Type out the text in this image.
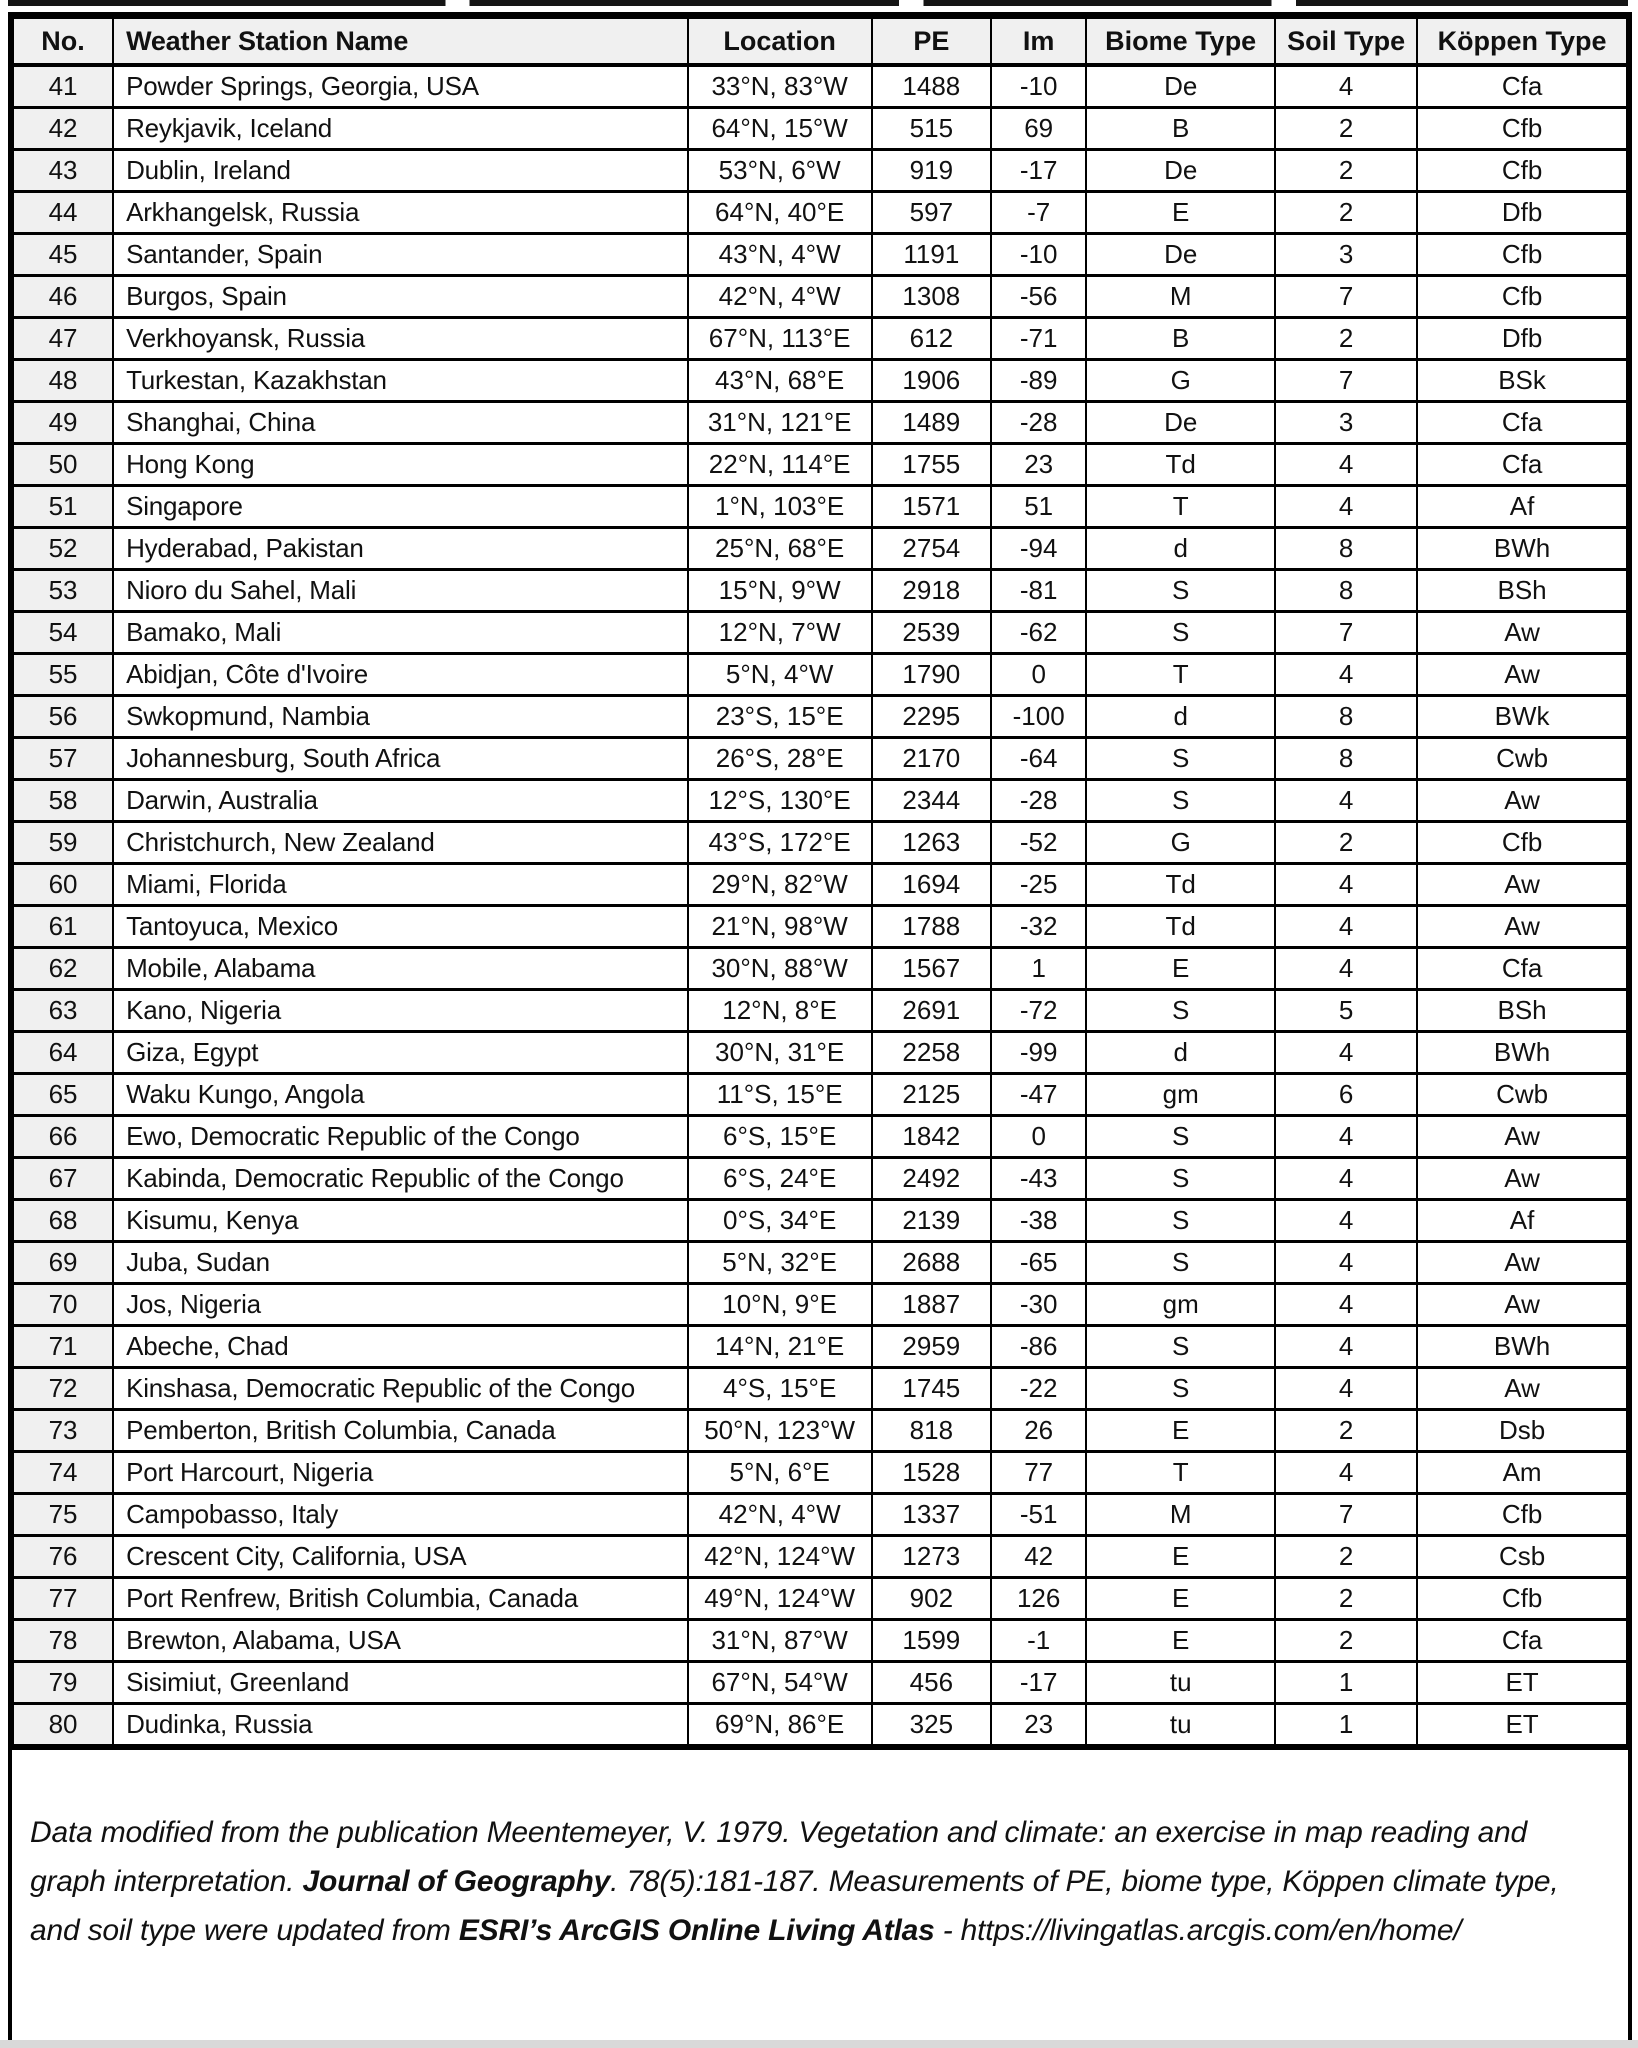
No.	Weather Station Name	Location	PE	Im	Biome Type	Soil Type	Köppen Type
41	Powder Springs, Georgia, USA	33°N, 83°W	1488	-10	De	4	Cfa
42	Reykjavik, Iceland	64°N, 15°W	515	69	B	2	Cfb
43	Dublin, Ireland	53°N, 6°W	919	-17	De	2	Cfb
44	Arkhangelsk, Russia	64°N, 40°E	597	-7	E	2	Dfb
45	Santander, Spain	43°N, 4°W	1191	-10	De	3	Cfb
46	Burgos, Spain	42°N, 4°W	1308	-56	M	7	Cfb
47	Verkhoyansk, Russia	67°N, 113°E	612	-71	B	2	Dfb
48	Turkestan, Kazakhstan	43°N, 68°E	1906	-89	G	7	BSk
49	Shanghai, China	31°N, 121°E	1489	-28	De	3	Cfa
50	Hong Kong	22°N, 114°E	1755	23	Td	4	Cfa
51	Singapore	1°N, 103°E	1571	51	T	4	Af
52	Hyderabad, Pakistan	25°N, 68°E	2754	-94	d	8	BWh
53	Nioro du Sahel, Mali	15°N, 9°W	2918	-81	S	8	BSh
54	Bamako, Mali	12°N, 7°W	2539	-62	S	7	Aw
55	Abidjan, Côte d'Ivoire	5°N, 4°W	1790	0	T	4	Aw
56	Swkopmund, Nambia	23°S, 15°E	2295	-100	d	8	BWk
57	Johannesburg, South Africa	26°S, 28°E	2170	-64	S	8	Cwb
58	Darwin, Australia	12°S, 130°E	2344	-28	S	4	Aw
59	Christchurch, New Zealand	43°S, 172°E	1263	-52	G	2	Cfb
60	Miami, Florida	29°N, 82°W	1694	-25	Td	4	Aw
61	Tantoyuca, Mexico	21°N, 98°W	1788	-32	Td	4	Aw
62	Mobile, Alabama	30°N, 88°W	1567	1	E	4	Cfa
63	Kano, Nigeria	12°N, 8°E	2691	-72	S	5	BSh
64	Giza, Egypt	30°N, 31°E	2258	-99	d	4	BWh
65	Waku Kungo, Angola	11°S, 15°E	2125	-47	gm	6	Cwb
66	Ewo, Democratic Republic of the Congo	6°S, 15°E	1842	0	S	4	Aw
67	Kabinda, Democratic Republic of the Congo	6°S, 24°E	2492	-43	S	4	Aw
68	Kisumu, Kenya	0°S, 34°E	2139	-38	S	4	Af
69	Juba, Sudan	5°N, 32°E	2688	-65	S	4	Aw
70	Jos, Nigeria	10°N, 9°E	1887	-30	gm	4	Aw
71	Abeche, Chad	14°N, 21°E	2959	-86	S	4	BWh
72	Kinshasa, Democratic Republic of the Congo	4°S, 15°E	1745	-22	S	4	Aw
73	Pemberton, British Columbia, Canada	50°N, 123°W	818	26	E	2	Dsb
74	Port Harcourt, Nigeria	5°N, 6°E	1528	77	T	4	Am
75	Campobasso, Italy	42°N, 4°W	1337	-51	M	7	Cfb
76	Crescent City, California, USA	42°N, 124°W	1273	42	E	2	Csb
77	Port Renfrew, British Columbia, Canada	49°N, 124°W	902	126	E	2	Cfb
78	Brewton, Alabama, USA	31°N, 87°W	1599	-1	E	2	Cfa
79	Sisimiut, Greenland	67°N, 54°W	456	-17	tu	1	ET
80	Dudinka, Russia	69°N, 86°E	325	23	tu	1	ET
Data modified from the publication Meentemeyer, V. 1979. Vegetation and climate: an exercise in map reading and graph interpretation. Journal of Geography. 78(5):181-187. Measurements of PE, biome type, Köppen climate type, and soil type were updated from ESRI’s ArcGIS Online Living Atlas - https://livingatlas.arcgis.com/en/home/
